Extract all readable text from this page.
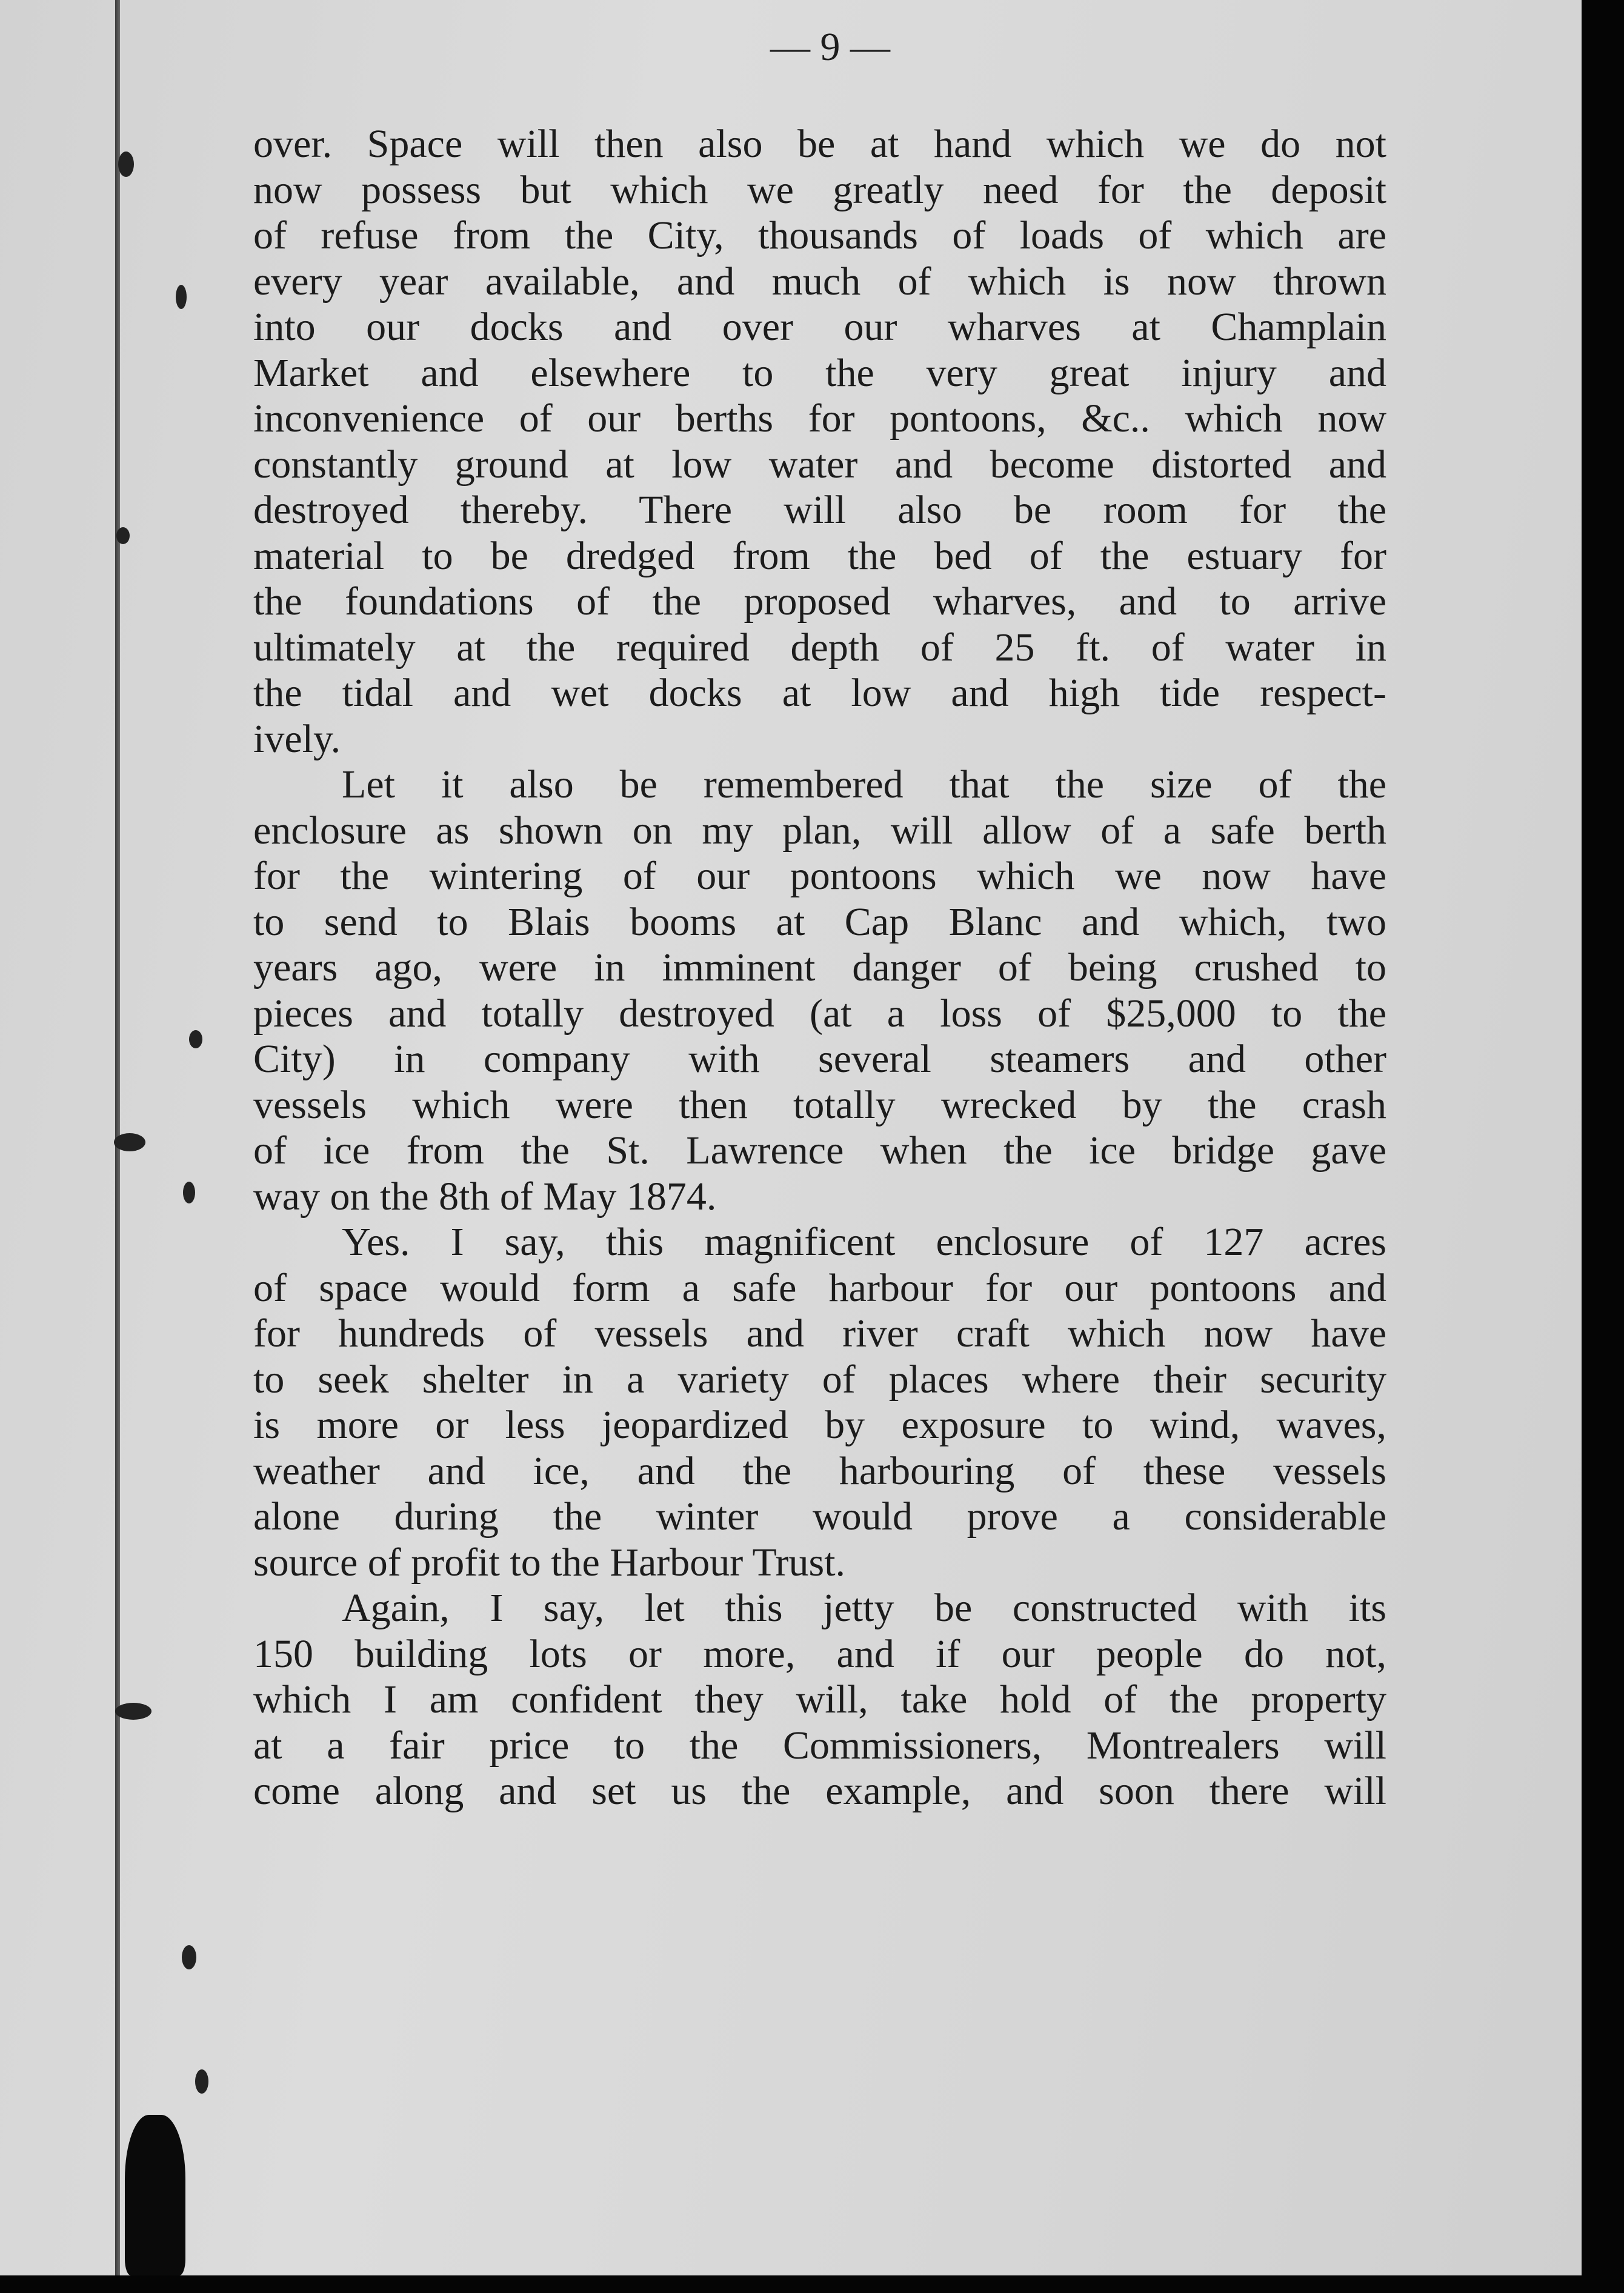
— 9 —
over. Space will then also be at hand which we do not
now possess but which we greatly need for the deposit
of refuse from the City, thousands of loads of which are
every year available, and much of which is now thrown
into our docks and over our wharves at Champlain
Market and elsewhere to the very great injury and
inconvenience of our berths for pontoons, &c.. which now
constantly ground at low water and become distorted and
destroyed thereby. There will also be room for the
material to be dredged from the bed of the estuary for
the foundations of the proposed wharves, and to arrive
ultimately at the required depth of 25 ft. of water in
the tidal and wet docks at low and high tide respect-
ively.
Let it also be remembered that the size of the
enclosure as shown on my plan, will allow of a safe berth
for the wintering of our pontoons which we now have
to send to Blais booms at Cap Blanc and which, two
years ago, were in imminent danger of being crushed to
pieces and totally destroyed (at a loss of $25,000 to the
City) in company with several steamers and other
vessels which were then totally wrecked by the crash
of ice from the St. Lawrence when the ice bridge gave
way on the 8th of May 1874.
Yes. I say, this magnificent enclosure of 127 acres
of space would form a safe harbour for our pontoons and
for hundreds of vessels and river craft which now have
to seek shelter in a variety of places where their security
is more or less jeopardized by exposure to wind, waves,
weather and ice, and the harbouring of these vessels
alone during the winter would prove a considerable
source of profit to the Harbour Trust.
Again, I say, let this jetty be constructed with its
150 building lots or more, and if our people do not,
which I am confident they will, take hold of the property
at a fair price to the Commissioners, Montrealers will
come along and set us the example, and soon there will
